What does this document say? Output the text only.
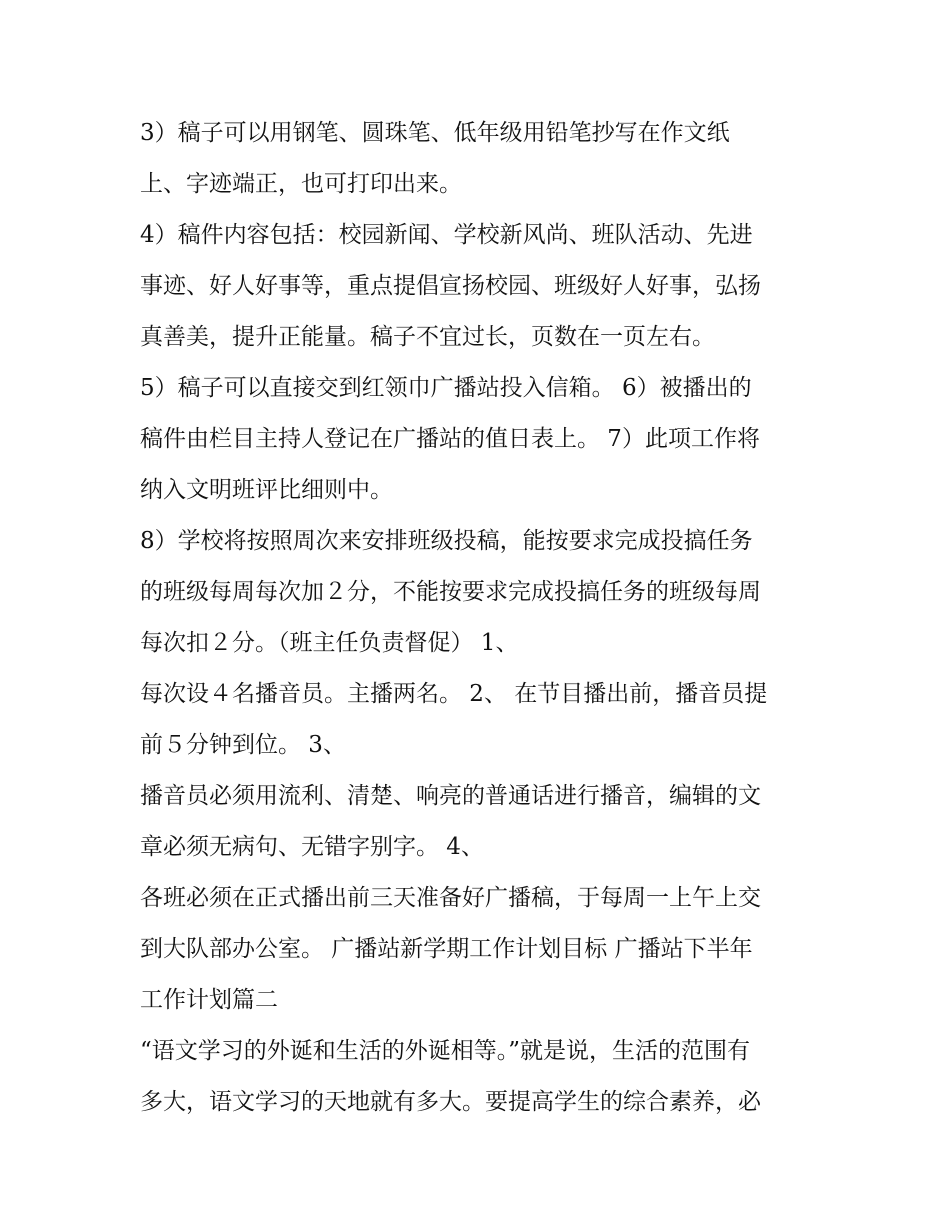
3）稿子可以用钢笔、圆珠笔、低年级用铅笔抄写在作文纸
上、字迹端正，也可打印出来。
4）稿件内容包括：校园新闻、学校新风尚、班队活动、先进
事迹、好人好事等，重点提倡宣扬校园、班级好人好事，弘扬
真善美，提升正能量。稿子不宜过长，页数在一页左右。
5）稿子可以直接交到红领巾广播站投入信箱。 6）被播出的
稿件由栏目主持人登记在广播站的值日表上。 7）此项工作将
纳入文明班评比细则中。
8）学校将按照周次来安排班级投稿，能按要求完成投搞任务
的班级每周每次加２分，不能按要求完成投搞任务的班级每周
每次扣２分。（班主任负责督促） 1、
每次设４名播音员。主播两名。 2、 在节目播出前，播音员提
前５分钟到位。 3、
播音员必须用流利、清楚、响亮的普通话进行播音，编辑的文
章必须无病句、无错字别字。 4、
各班必须在正式播出前三天准备好广播稿，于每周一上午上交
到大队部办公室。 广播站新学期工作计划目标 广播站下半年
工作计划篇二
“语文学习的外诞和生活的外诞相等。”就是说，生活的范围有
多大，语文学习的天地就有多大。要提高学生的综合素养，必
